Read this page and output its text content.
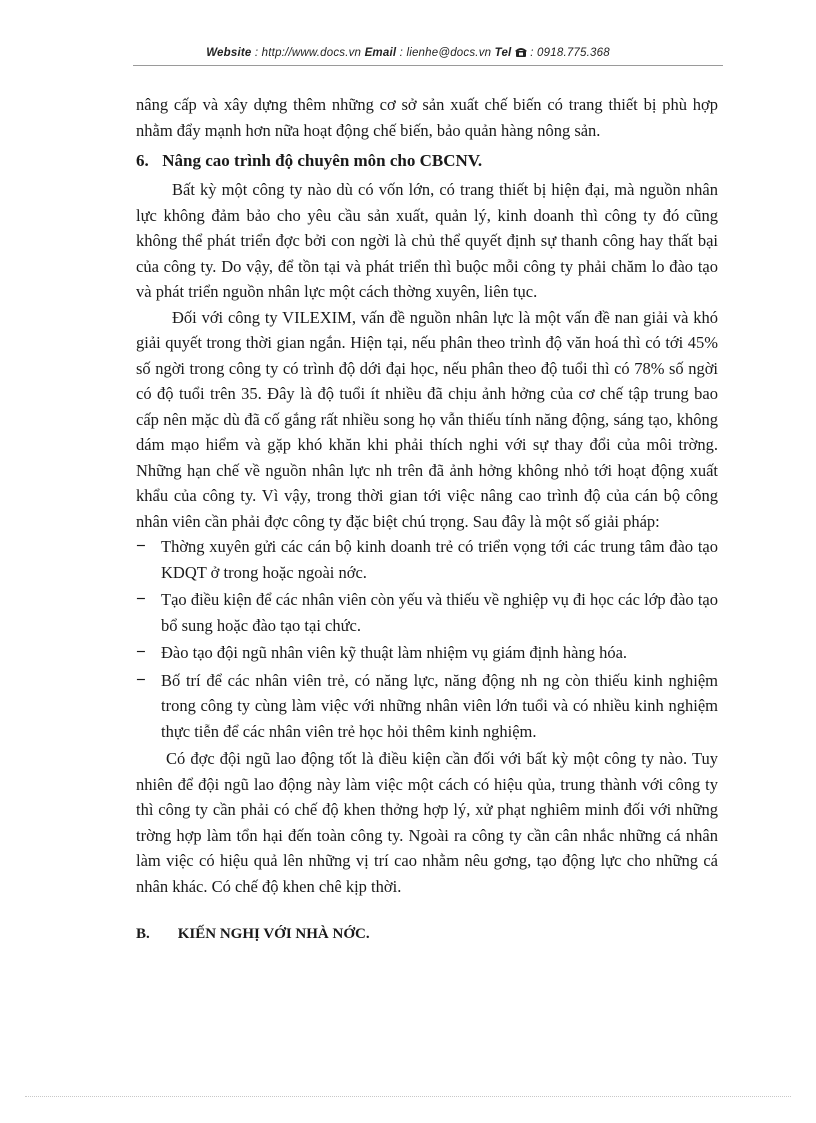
Website : http://www.docs.vn Email : lienhe@docs.vn Tel : 0918.775.368

nâng cấp và xây dựng thêm những cơ sở sản xuất chế biến có trang thiết bị phù hợp nhằm đẩy mạnh hơn nữa hoạt động chế biến, bảo quản hàng nông sản.

6. Nâng cao trình độ chuyên môn cho CBCNV.

Bất kỳ một công ty nào dù có vốn lớn, có trang thiết bị hiện đại, mà nguồn nhân lực không đảm bảo cho yêu cầu sản xuất, quản lý, kinh doanh thì công ty đó cũng không thể phát triển đợc bởi con ngời là chủ thể quyết định sự thanh công hay thất bại của công ty. Do vậy, để tồn tại và phát triển thì buộc mỗi công ty phải chăm lo đào tạo và phát triển nguồn nhân lực một cách thờng xuyên, liên tục.

Đối với công ty VILEXIM, vấn đề nguồn nhân lực là một vấn đề nan giải và khó giải quyết trong thời gian ngắn. Hiện tại, nếu phân theo trình độ văn hoá thì có tới 45% số ngời trong công ty có trình độ dới đại học, nếu phân theo độ tuổi thì có 78% số ngời có độ tuổi trên 35. Đây là độ tuổi ít nhiều đã chịu ảnh hởng của cơ chế tập trung bao cấp nên mặc dù đã cố gắng rất nhiều song họ vẫn thiếu tính năng động, sáng tạo, không dám mạo hiểm và gặp khó khăn khi phải thích nghi với sự thay đổi của môi trờng. Những hạn chế về nguồn nhân lực nh trên đã ảnh hởng không nhỏ tới hoạt động xuất khẩu của công ty. Vì vậy, trong thời gian tới việc nâng cao trình độ của cán bộ công nhân viên cần phải đợc công ty đặc biệt chú trọng. Sau đây là một số giải pháp:

− Thờng xuyên gửi các cán bộ kinh doanh trẻ có triển vọng tới các trung tâm đào tạo KDQT ở trong hoặc ngoài nớc.
− Tạo điều kiện để các nhân viên còn yếu và thiếu về nghiệp vụ đi học các lớp đào tạo bổ sung hoặc đào tạo tại chức.
− Đào tạo đội ngũ nhân viên kỹ thuật làm nhiệm vụ giám định hàng hóa.
− Bố trí để các nhân viên trẻ, có năng lực, năng động nh ng còn thiếu kinh nghiệm trong công ty cùng làm việc với những nhân viên lớn tuổi và có nhiều kinh nghiệm thực tiễn để các nhân viên trẻ học hỏi thêm kinh nghiệm.

Có đợc đội ngũ lao động tốt là điều kiện cần đối với bất kỳ một công ty nào. Tuy nhiên để đội ngũ lao động này làm việc một cách có hiệu qủa, trung thành với công ty thì công ty cần phải có chế độ khen thởng hợp lý, xử phạt nghiêm minh đối với những trờng hợp làm tổn hại đến toàn công ty. Ngoài ra công ty cần cân nhắc những cá nhân làm việc có hiệu quả lên những vị trí cao nhằm nêu gơng, tạo động lực cho những cá nhân khác. Có chế độ khen chê kịp thời.

B. KIẾN NGHỊ VỚI NHÀ NỚC.
